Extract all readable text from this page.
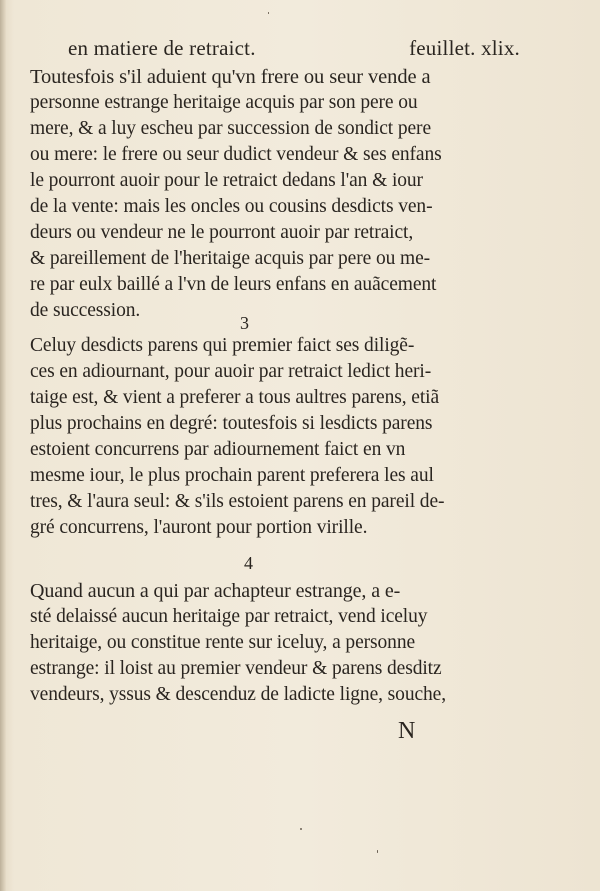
en matiere de retraict.	feuillet. xlix.
Toutesfois s'il aduient qu'vn frere ou seur vende a
personne estrange heritaige acquis par son pere ou
mere, & a luy escheu par succession de sondict pere
ou mere: le frere ou seur dudict vendeur & ses enfans
le pourront auoir pour le retraict dedans l'an & iour
de la vente: mais les oncles ou cousins desdicts ven-
deurs ou vendeur ne le pourront auoir par retraict,
& pareillement de l'heritaige acquis par pere ou me-
re par eulx baillé a l'vn de leurs enfans en auãcement
de succession.
3
Celuy desdicts parens qui premier faict ses diligẽ-
ces en adiournant, pour auoir par retraict ledict heri-
taige est, & vient a preferer a tous aultres parens, etiã
plus prochains en degré: toutesfois si lesdicts parens
estoient concurrens par adiournement faict en vn
mesme iour, le plus prochain parent preferera les aul
tres, & l'aura seul: & s'ils estoient parens en pareil de-
gré concurrens, l'auront pour portion virille.
4
Quand aucun a qui par achapteur estrange, a e-
sté delaissé aucun heritaige par retraict, vend iceluy
heritaige, ou constitue rente sur iceluy, a personne
estrange: il loist au premier vendeur & parens desditz
vendeurs, yssus & descenduz de ladicte ligne, souche,
N
